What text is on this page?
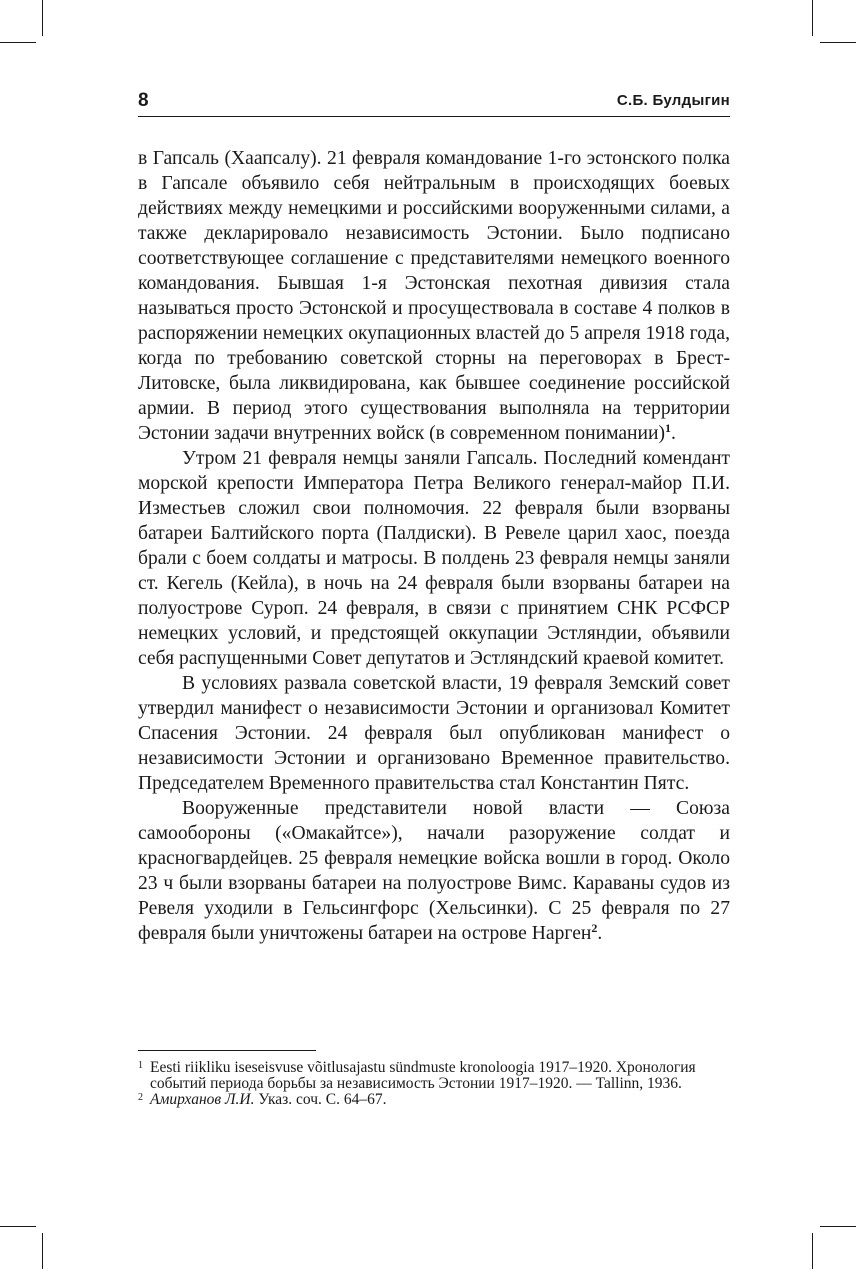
8	С.Б. Булдыгин

в Гапсаль (Хаапсалу). 21 февраля командование 1-го эстонского полка в Гапсале объявило себя нейтральным в происходящих боевых действиях между немецкими и российскими вооруженными силами, а также декларировало независимость Эстонии. Было подписано соответствующее соглашение с представителями немецкого военного командования. Бывшая 1-я Эстонская пехотная дивизия стала называться просто Эстонской и просуществовала в составе 4 полков в распоряжении немецких окупационных властей до 5 апреля 1918 года, когда по требованию советской сторны на переговорах в Брест-Литовске, была ликвидирована, как бывшее соединение российской армии. В период этого существования выполняла на территории Эстонии задачи внутренних войск (в современном понимании)$^1$.

Утром 21 февраля немцы заняли Гапсаль. Последний комендант морской крепости Императора Петра Великого генерал-майор П.И. Изместьев сложил свои полномочия. 22 февраля были взорваны батареи Балтийского порта (Палдиски). В Ревеле царил хаос, поезда брали с боем солдаты и матросы. В полдень 23 февраля немцы заняли ст. Кегель (Кейла), в ночь на 24 февраля были взорваны батареи на полуострове Суроп. 24 февраля, в связи с принятием СНК РСФСР немецких условий, и предстоящей оккупации Эстляндии, объявили себя распущенными Совет депутатов и Эстляндский краевой комитет.

В условиях развала советской власти, 19 февраля Земский совет утвердил манифест о независимости Эстонии и организовал Комитет Спасения Эстонии. 24 февраля был опубликован манифест о независимости Эстонии и организовано Временное правительство. Председателем Временного правительства стал Константин Пятс.

Вооруженные представители новой власти — Союза самообороны («Омакайтсе»), начали разоружение солдат и красногвардейцев. 25 февраля немецкие войска вошли в город. Около 23 ч были взорваны батареи на полуострове Вимс. Караваны судов из Ревеля уходили в Гельсингфорс (Хельсинки). С 25 февраля по 27 февраля были уничтожены батареи на острове Нарген$^2$.

1 Eesti riikliku iseseisvuse võitlusajastu sündmuste kronoloogia 1917–1920. Хронология событий периода борьбы за независимость Эстонии 1917–1920. — Tallinn, 1936.

2 Амирханов Л.И. Указ. соч. С. 64–67.
